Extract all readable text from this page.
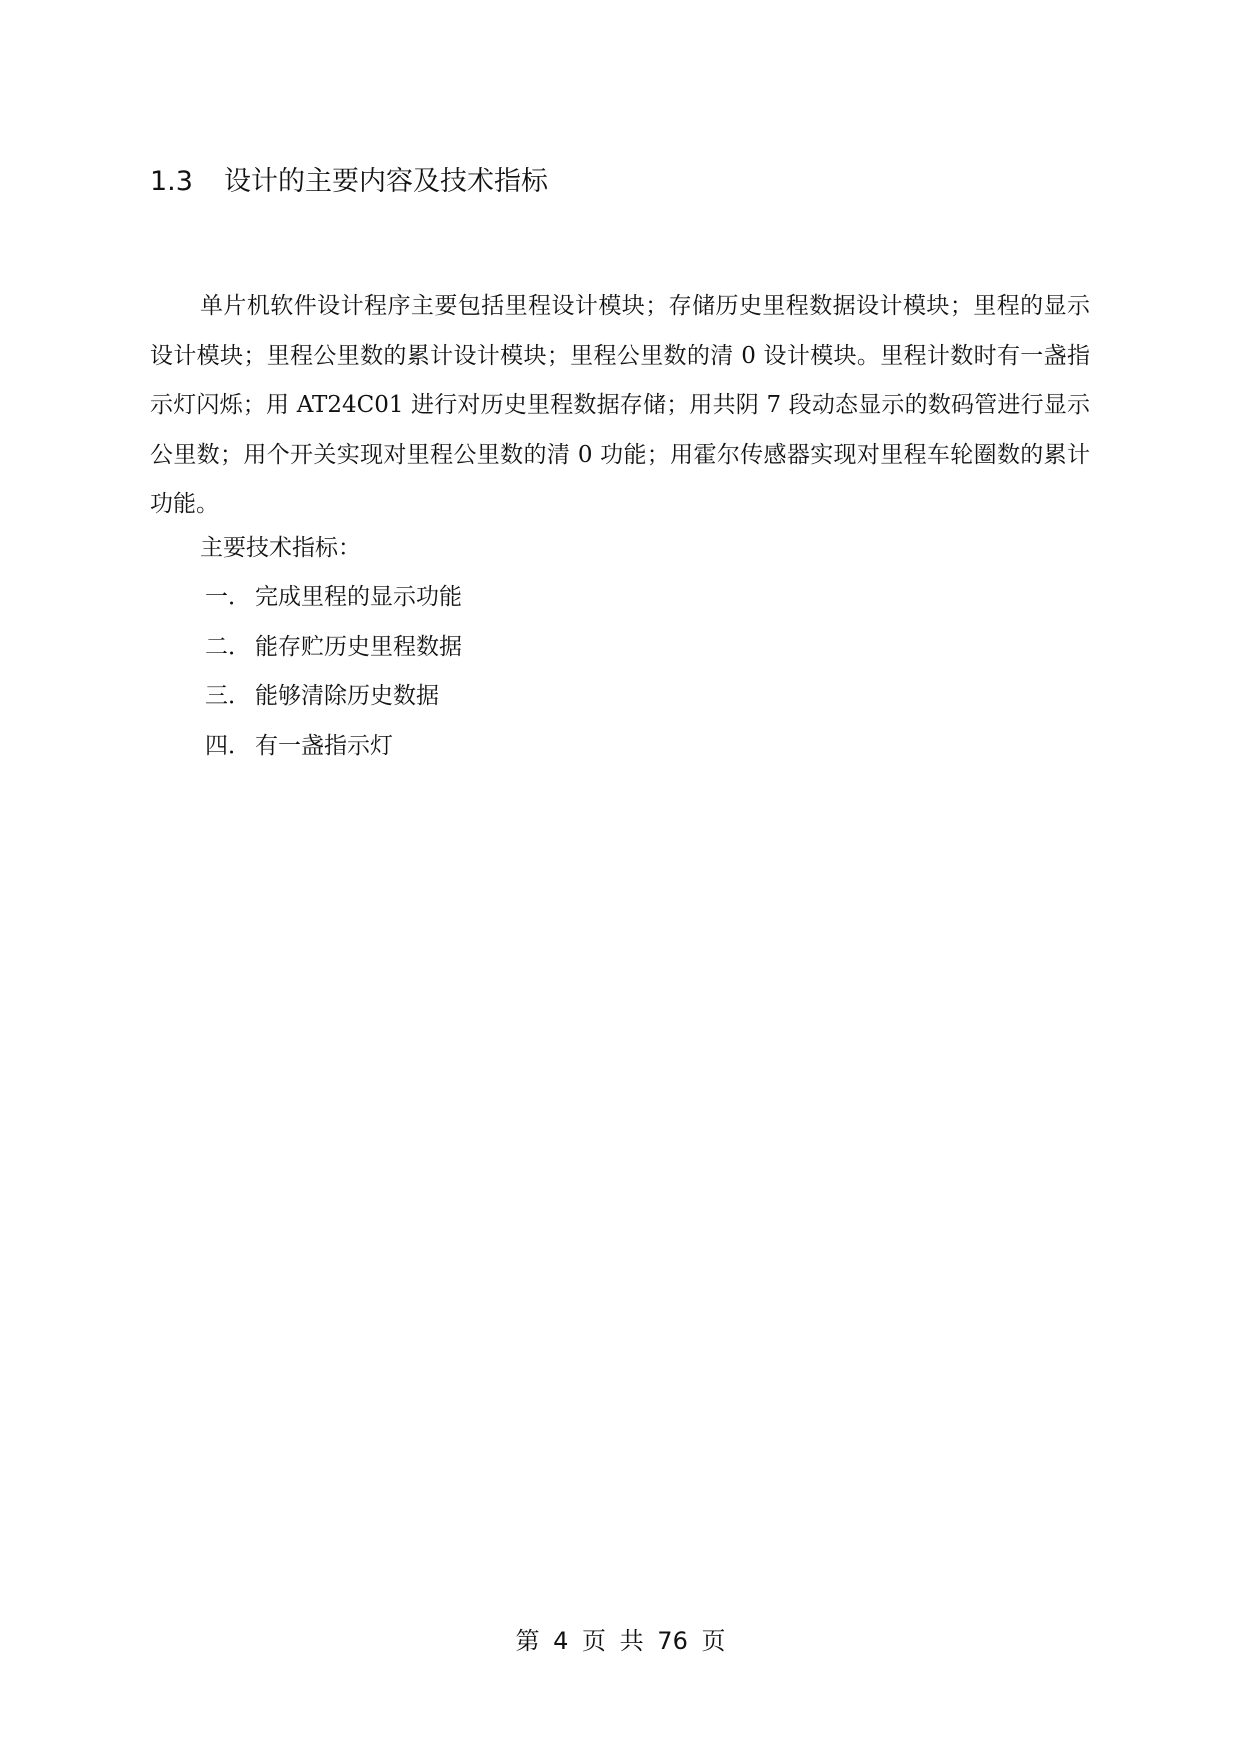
1.3 设计的主要内容及技术指标

单片机软件设计程序主要包括里程设计模块；存储历史里程数据设计模块；里程的显示设计模块；里程公里数的累计设计模块；里程公里数的清 0 设计模块。里程计数时有一盏指示灯闪烁；用 AT24C01 进行对历史里程数据存储；用共阴 7 段动态显示的数码管进行显示公里数；用个开关实现对里程公里数的清 0 功能；用霍尔传感器实现对里程车轮圈数的累计功能。

主要技术指标：
一． 完成里程的显示功能
二． 能存贮历史里程数据
三． 能够清除历史数据
四． 有一盏指示灯
第 4 页 共 76 页
